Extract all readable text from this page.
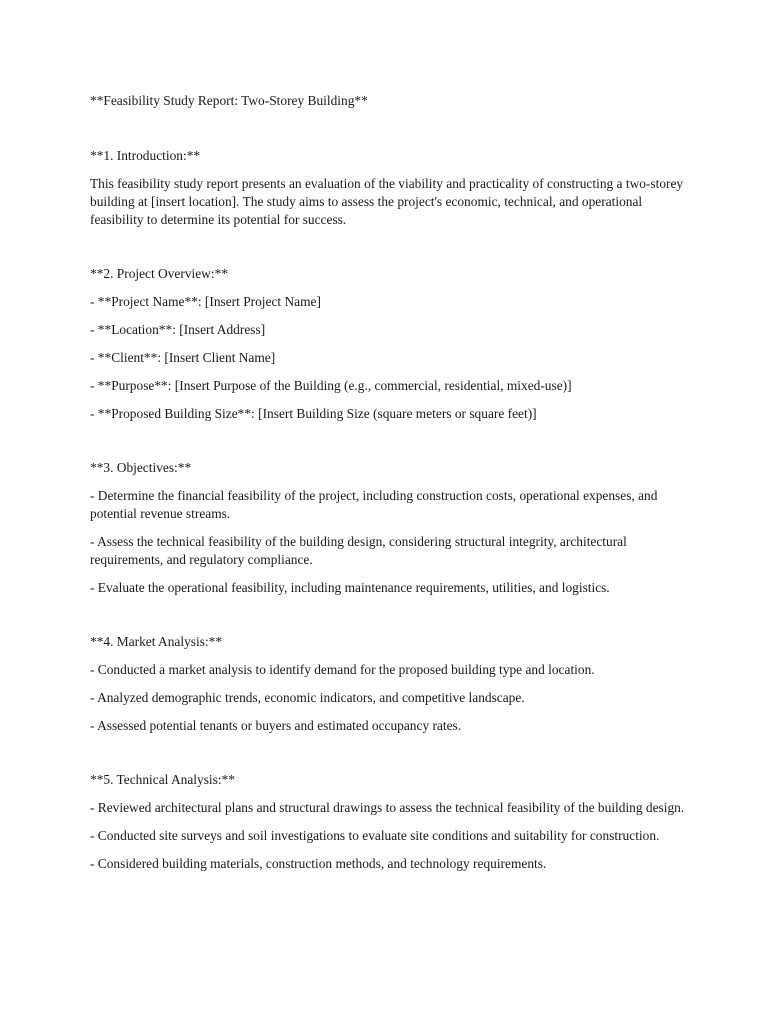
**Feasibility Study Report: Two-Storey Building**
**1. Introduction:**
This feasibility study report presents an evaluation of the viability and practicality of constructing a two-storey building at [insert location]. The study aims to assess the project's economic, technical, and operational feasibility to determine its potential for success.
**2. Project Overview:**
- **Project Name**: [Insert Project Name]
- **Location**: [Insert Address]
- **Client**: [Insert Client Name]
- **Purpose**: [Insert Purpose of the Building (e.g., commercial, residential, mixed-use)]
- **Proposed Building Size**: [Insert Building Size (square meters or square feet)]
**3. Objectives:**
- Determine the financial feasibility of the project, including construction costs, operational expenses, and potential revenue streams.
- Assess the technical feasibility of the building design, considering structural integrity, architectural requirements, and regulatory compliance.
- Evaluate the operational feasibility, including maintenance requirements, utilities, and logistics.
**4. Market Analysis:**
- Conducted a market analysis to identify demand for the proposed building type and location.
- Analyzed demographic trends, economic indicators, and competitive landscape.
- Assessed potential tenants or buyers and estimated occupancy rates.
**5. Technical Analysis:**
- Reviewed architectural plans and structural drawings to assess the technical feasibility of the building design.
- Conducted site surveys and soil investigations to evaluate site conditions and suitability for construction.
- Considered building materials, construction methods, and technology requirements.
